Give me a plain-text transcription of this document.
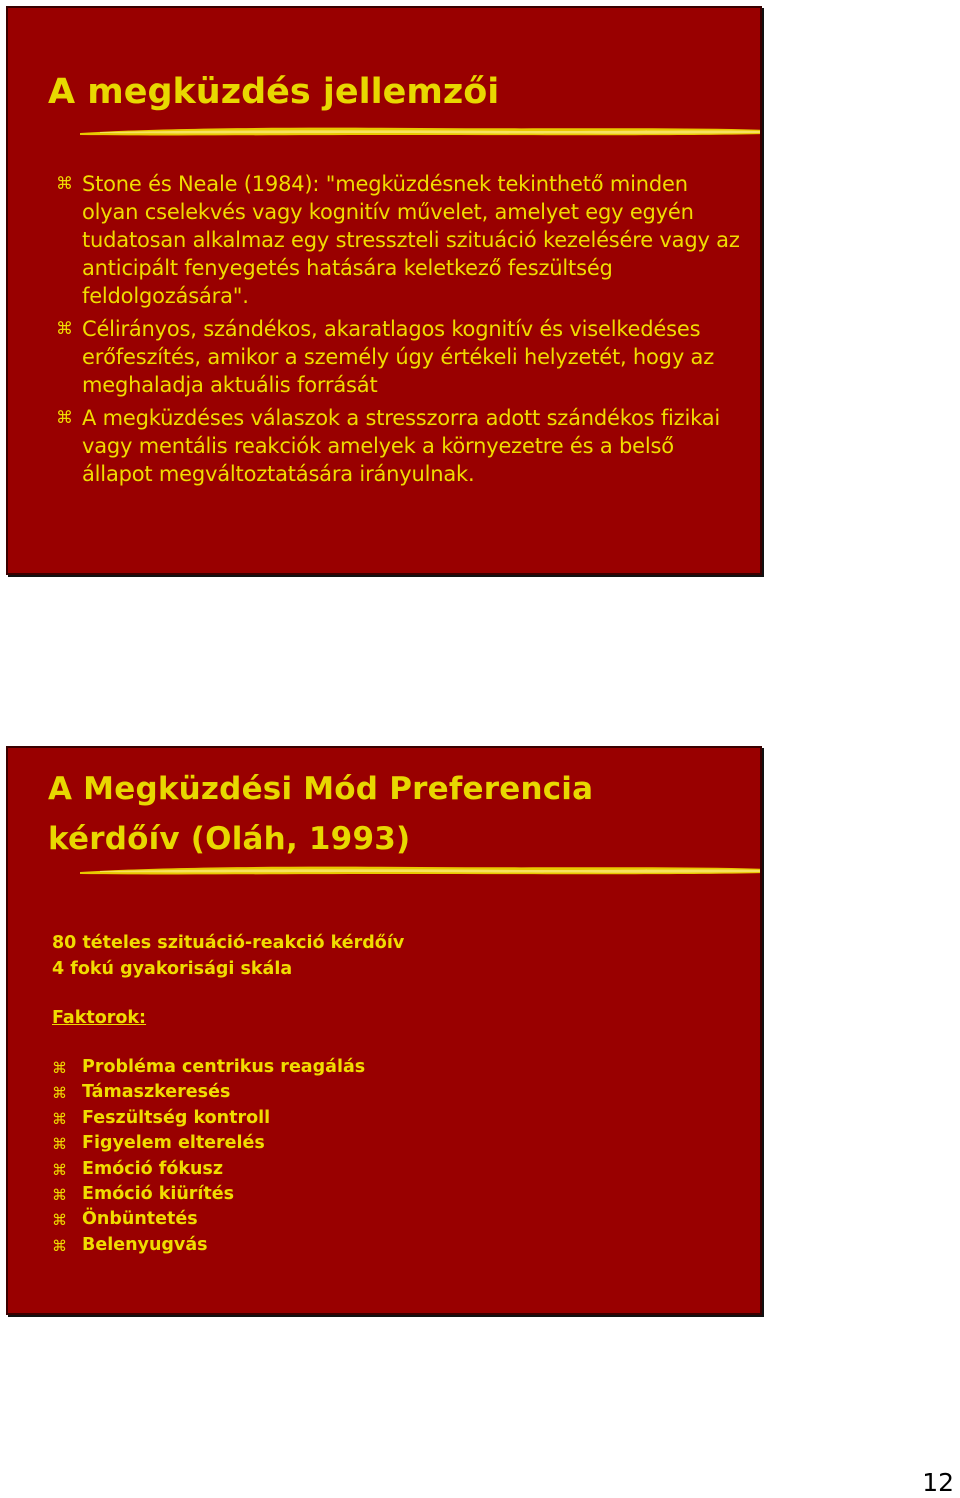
A megküzdés jellemzői
⌘ Stone és Neale (1984): "megküzdésnek tekinthető minden olyan cselekvés vagy kognitív művelet, amelyet egy egyén tudatosan alkalmaz egy stresszteli szituáció kezelésére vagy az anticipált fenyegetés hatására keletkező feszültség feldolgozására".
⌘ Célirányos, szándékos, akaratlagos kognitív és viselkedéses erőfeszítés, amikor a személy úgy értékeli helyzetét, hogy az meghaladja aktuális forrását
⌘ A megküzdéses válaszok a stresszorra adott szándékos fizikai vagy mentális reakciók amelyek a környezetre és a belső állapot megváltoztatására irányulnak.
A Megküzdési Mód Preferencia
kérdőív (Oláh, 1993)

80 tételes szituáció-reakció kérdőív
4 fokú gyakorisági skála

Faktorok:

⌘ Probléma centrikus reagálás
⌘ Támaszkeresés
⌘ Feszültség kontroll
⌘ Figyelem elterelés
⌘ Emóció fókusz
⌘ Emóció kiürítés
⌘ Önbüntetés
⌘ Belenyugvás
12
